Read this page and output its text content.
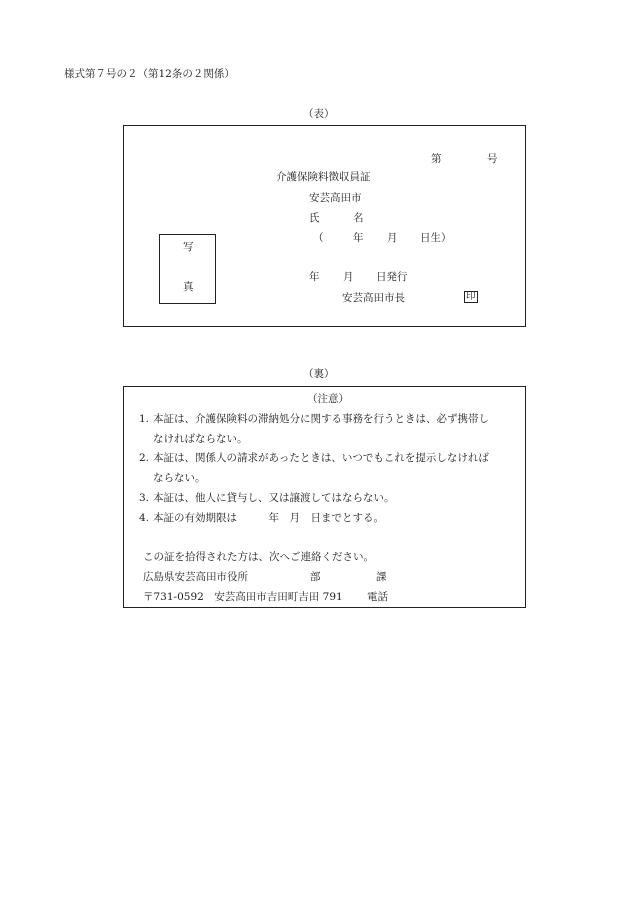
様式第７号の２（第12条の２関係）
（表）
第	号
介護保険料徴収員証
安芸高田市
氏	名
（	年 月 日生）
写
真
年 月 日発行
安芸高田市長	印
（裏）
（注意）
1. 本証は、介護保険料の滞納処分に関する事務を行うときは、必ず携帯し
なければならない。
2. 本証は、関係人の請求があったときは、いつでもこれを提示しなければ
ならない。
3. 本証は、他人に貸与し、又は譲渡してはならない。
4. 本証の有効期限は　　　年　月　日までとする。
この証を拾得された方は、次へご連絡ください。
広島県安芸高田市役所	部	課
〒731-0592　安芸高田市吉田町吉田 791 電話
